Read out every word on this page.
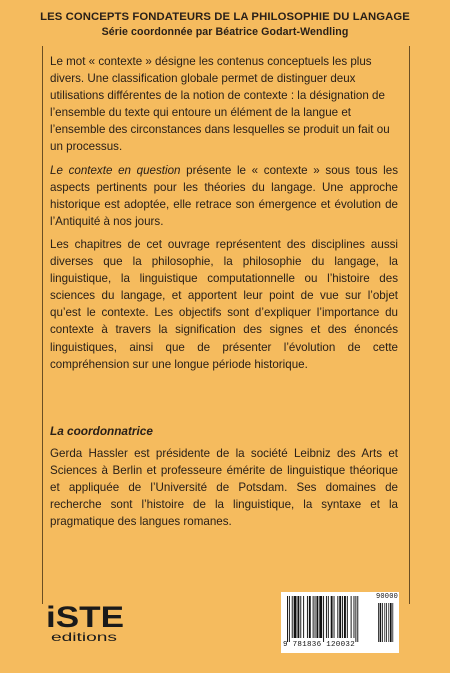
LES CONCEPTS FONDATEURS DE LA PHILOSOPHIE DU LANGAGE
Série coordonnée par Béatrice Godart-Wendling

Le mot « contexte » désigne les contenus conceptuels les plus divers. Une classification globale permet de distinguer deux utilisations différentes de la notion de contexte : la désignation de l’ensemble du texte qui entoure un élément de la langue et l’ensemble des circonstances dans lesquelles se produit un fait ou un processus.

Le contexte en question présente le « contexte » sous tous les aspects pertinents pour les théories du langage. Une approche historique est adoptée, elle retrace son émergence et évolution de l’Antiquité à nos jours.

Les chapitres de cet ouvrage représentent des disciplines aussi diverses que la philosophie, la philosophie du langage, la linguistique, la linguistique computationnelle ou l’histoire des sciences du langage, et apportent leur point de vue sur l’objet qu’est le contexte. Les objectifs sont d’expliquer l’importance du contexte à travers la signification des signes et des énoncés linguistiques, ainsi que de présenter l’évolution de cette compréhension sur une longue période historique.

La coordonnatrice

Gerda Hassler est présidente de la société Leibniz des Arts et Sciences à Berlin et professeure émérite de linguistique théorique et appliquée de l’Université de Potsdam. Ses domaines de recherche sont l’histoire de la linguistique, la syntaxe et la pragmatique des langues romanes.

iSTE
editions
9 781836 120032
90000
